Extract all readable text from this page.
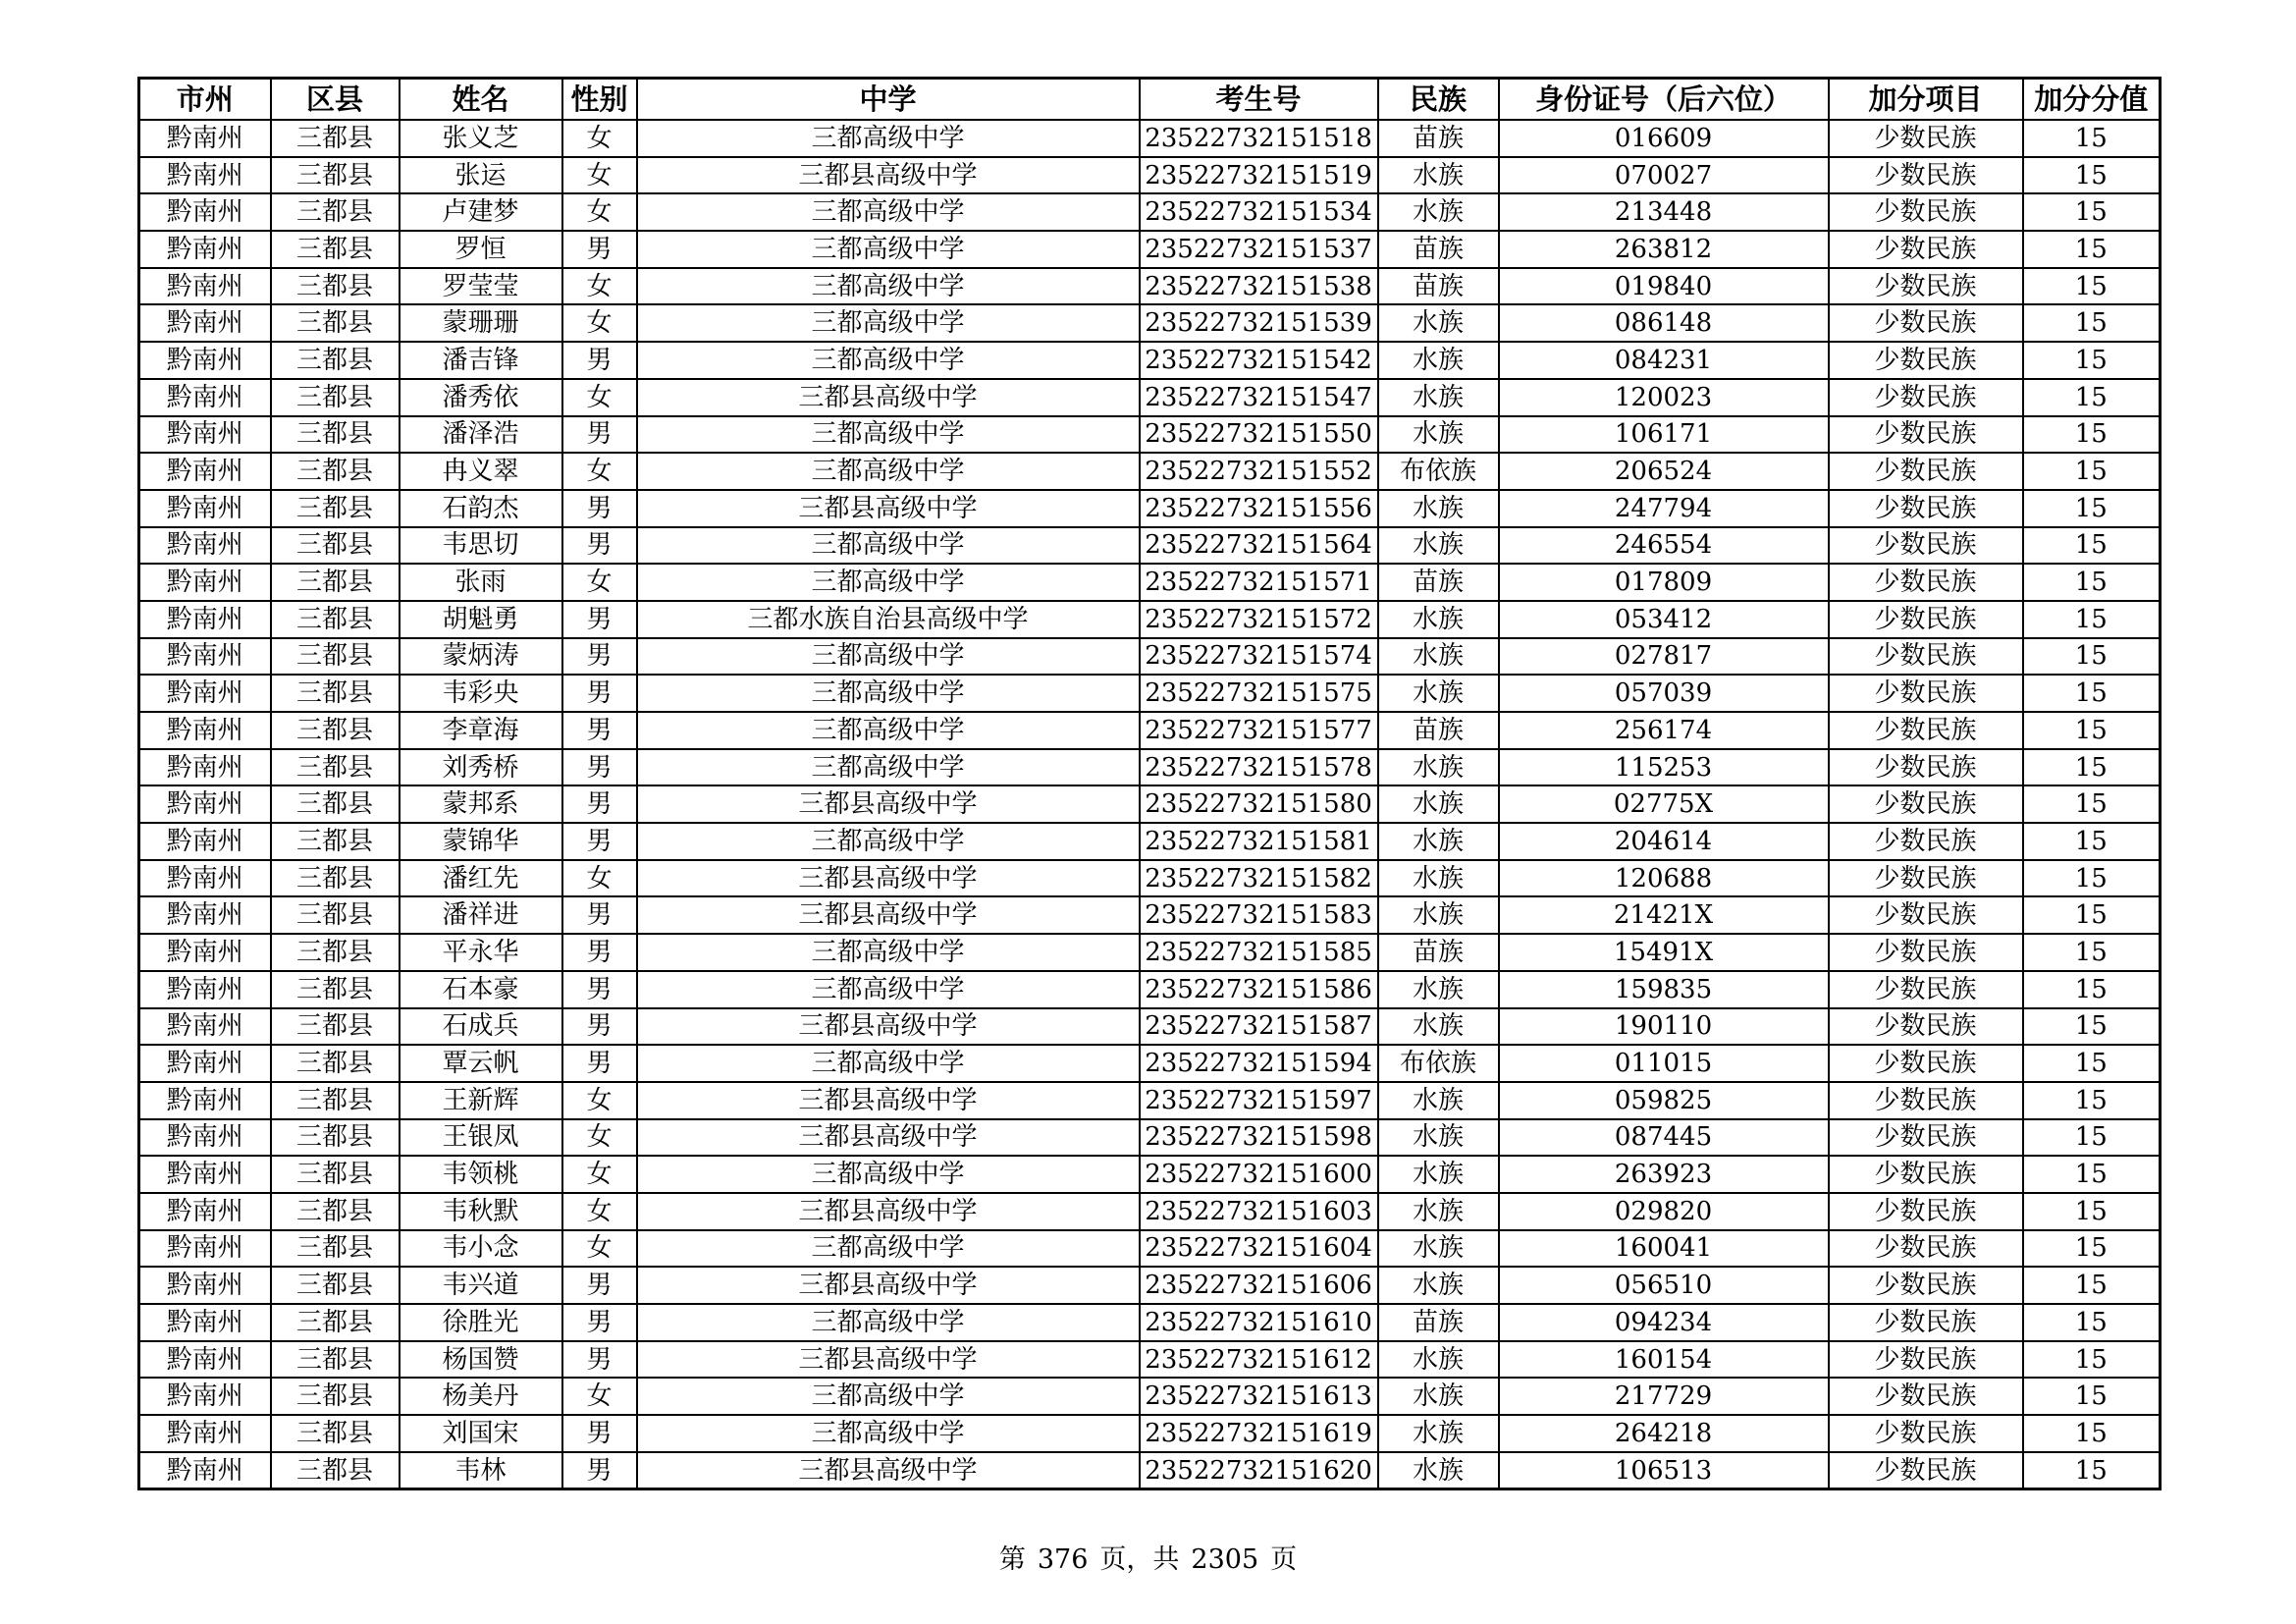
市州	区县	姓名	性别	中学	考生号	民族	身份证号（后六位）	加分项目	加分分值
黔南州	三都县	张义芝	女	三都高级中学	23522732151518	苗族	016609	少数民族	15
黔南州	三都县	张运	女	三都县高级中学	23522732151519	水族	070027	少数民族	15
黔南州	三都县	卢建梦	女	三都高级中学	23522732151534	水族	213448	少数民族	15
黔南州	三都县	罗恒	男	三都高级中学	23522732151537	苗族	263812	少数民族	15
黔南州	三都县	罗莹莹	女	三都高级中学	23522732151538	苗族	019840	少数民族	15
黔南州	三都县	蒙珊珊	女	三都高级中学	23522732151539	水族	086148	少数民族	15
黔南州	三都县	潘吉锋	男	三都高级中学	23522732151542	水族	084231	少数民族	15
黔南州	三都县	潘秀依	女	三都县高级中学	23522732151547	水族	120023	少数民族	15
黔南州	三都县	潘泽浩	男	三都高级中学	23522732151550	水族	106171	少数民族	15
黔南州	三都县	冉义翠	女	三都高级中学	23522732151552	布依族	206524	少数民族	15
黔南州	三都县	石韵杰	男	三都县高级中学	23522732151556	水族	247794	少数民族	15
黔南州	三都县	韦思切	男	三都高级中学	23522732151564	水族	246554	少数民族	15
黔南州	三都县	张雨	女	三都高级中学	23522732151571	苗族	017809	少数民族	15
黔南州	三都县	胡魁勇	男	三都水族自治县高级中学	23522732151572	水族	053412	少数民族	15
黔南州	三都县	蒙炳涛	男	三都高级中学	23522732151574	水族	027817	少数民族	15
黔南州	三都县	韦彩央	男	三都高级中学	23522732151575	水族	057039	少数民族	15
黔南州	三都县	李章海	男	三都高级中学	23522732151577	苗族	256174	少数民族	15
黔南州	三都县	刘秀桥	男	三都高级中学	23522732151578	水族	115253	少数民族	15
黔南州	三都县	蒙邦系	男	三都县高级中学	23522732151580	水族	02775X	少数民族	15
黔南州	三都县	蒙锦华	男	三都高级中学	23522732151581	水族	204614	少数民族	15
黔南州	三都县	潘红先	女	三都县高级中学	23522732151582	水族	120688	少数民族	15
黔南州	三都县	潘祥进	男	三都县高级中学	23522732151583	水族	21421X	少数民族	15
黔南州	三都县	平永华	男	三都高级中学	23522732151585	苗族	15491X	少数民族	15
黔南州	三都县	石本豪	男	三都高级中学	23522732151586	水族	159835	少数民族	15
黔南州	三都县	石成兵	男	三都县高级中学	23522732151587	水族	190110	少数民族	15
黔南州	三都县	覃云帆	男	三都高级中学	23522732151594	布依族	011015	少数民族	15
黔南州	三都县	王新辉	女	三都县高级中学	23522732151597	水族	059825	少数民族	15
黔南州	三都县	王银凤	女	三都县高级中学	23522732151598	水族	087445	少数民族	15
黔南州	三都县	韦领桃	女	三都高级中学	23522732151600	水族	263923	少数民族	15
黔南州	三都县	韦秋默	女	三都县高级中学	23522732151603	水族	029820	少数民族	15
黔南州	三都县	韦小念	女	三都高级中学	23522732151604	水族	160041	少数民族	15
黔南州	三都县	韦兴道	男	三都县高级中学	23522732151606	水族	056510	少数民族	15
黔南州	三都县	徐胜光	男	三都高级中学	23522732151610	苗族	094234	少数民族	15
黔南州	三都县	杨国赞	男	三都县高级中学	23522732151612	水族	160154	少数民族	15
黔南州	三都县	杨美丹	女	三都高级中学	23522732151613	水族	217729	少数民族	15
黔南州	三都县	刘国宋	男	三都高级中学	23522732151619	水族	264218	少数民族	15
黔南州	三都县	韦林	男	三都县高级中学	23522732151620	水族	106513	少数民族	15
第 376 页，共 2305 页
